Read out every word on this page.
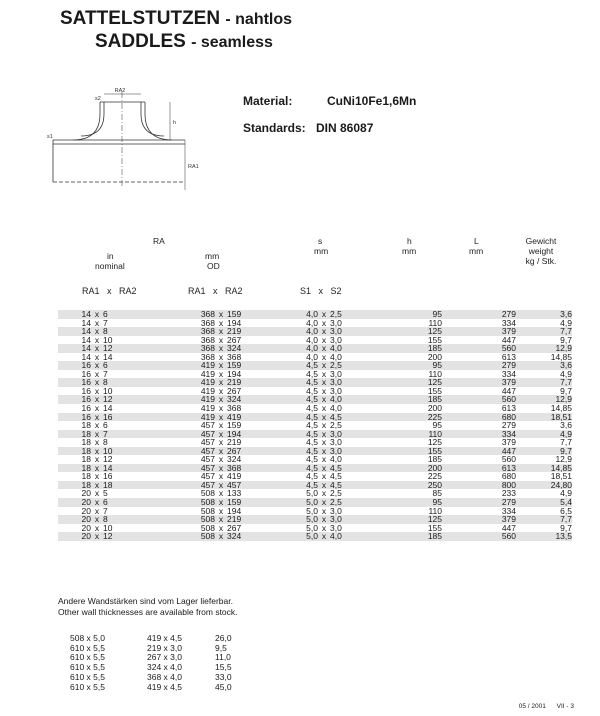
SATTELSTUTZEN - nahtlos
SADDLES - seamless
RA2
s2
s1
h
RA1
Material:	CuNi10Fe1,6Mn
Standards: DIN 86087
RA
in
nominal
mm
OD
s
mm
h
mm
L
mm
Gewicht
weight
kg / Stk.
RA1   x   RA2	RA1   x   RA2	S1   x   S2
14	x	6	368	x	159	4,0	x	2,5	95	279	3,6
14	x	7	368	x	194	4,0	x	3,0	110	334	4,9
14	x	8	368	x	219	4,0	x	3,0	125	379	7,7
14	x	10	368	x	267	4,0	x	3,0	155	447	9,7
14	x	12	368	x	324	4,0	x	4,0	185	560	12,9
14	x	14	368	x	368	4,0	x	4,0	200	613	14,85
16	x	6	419	x	159	4,5	x	2,5	95	279	3,6
16	x	7	419	x	194	4,5	x	3,0	110	334	4,9
16	x	8	419	x	219	4,5	x	3,0	125	379	7,7
16	x	10	419	x	267	4,5	x	3,0	155	447	9,7
16	x	12	419	x	324	4,5	x	4,0	185	560	12,9
16	x	14	419	x	368	4,5	x	4,0	200	613	14,85
16	x	16	419	x	419	4,5	x	4,5	225	680	18,51
18	x	6	457	x	159	4,5	x	2,5	95	279	3,6
18	x	7	457	x	194	4,5	x	3,0	110	334	4,9
18	x	8	457	x	219	4,5	x	3,0	125	379	7,7
18	x	10	457	x	267	4,5	x	3,0	155	447	9,7
18	x	12	457	x	324	4,5	x	4,0	185	560	12,9
18	x	14	457	x	368	4,5	x	4,5	200	613	14,85
18	x	16	457	x	419	4,5	x	4,5	225	680	18,51
18	x	18	457	x	457	4,5	x	4,5	250	800	24,80
20	x	5	508	x	133	5,0	x	2,5	85	233	4,9
20	x	6	508	x	159	5,0	x	2,5	95	279	5,4
20	x	7	508	x	194	5,0	x	3,0	110	334	6,5
20	x	8	508	x	219	5,0	x	3,0	125	379	7,7
20	x	10	508	x	267	5,0	x	3,0	155	447	9,7
20	x	12	508	x	324	5,0	x	4,0	185	560	13,5
Andere Wandstärken sind vom Lager lieferbar.
Other wall thicknesses are available from stock.
508 x 5,0	419 x 4,5	26,0
610 x 5,5	219 x 3,0	9,5
610 x 5,5	267 x 3,0	11,0
610 x 5,5	324 x 4,0	15,5
610 x 5,5	368 x 4,0	33,0
610 x 5,5	419 x 4,5	45,0
05 / 2001      VII - 3
